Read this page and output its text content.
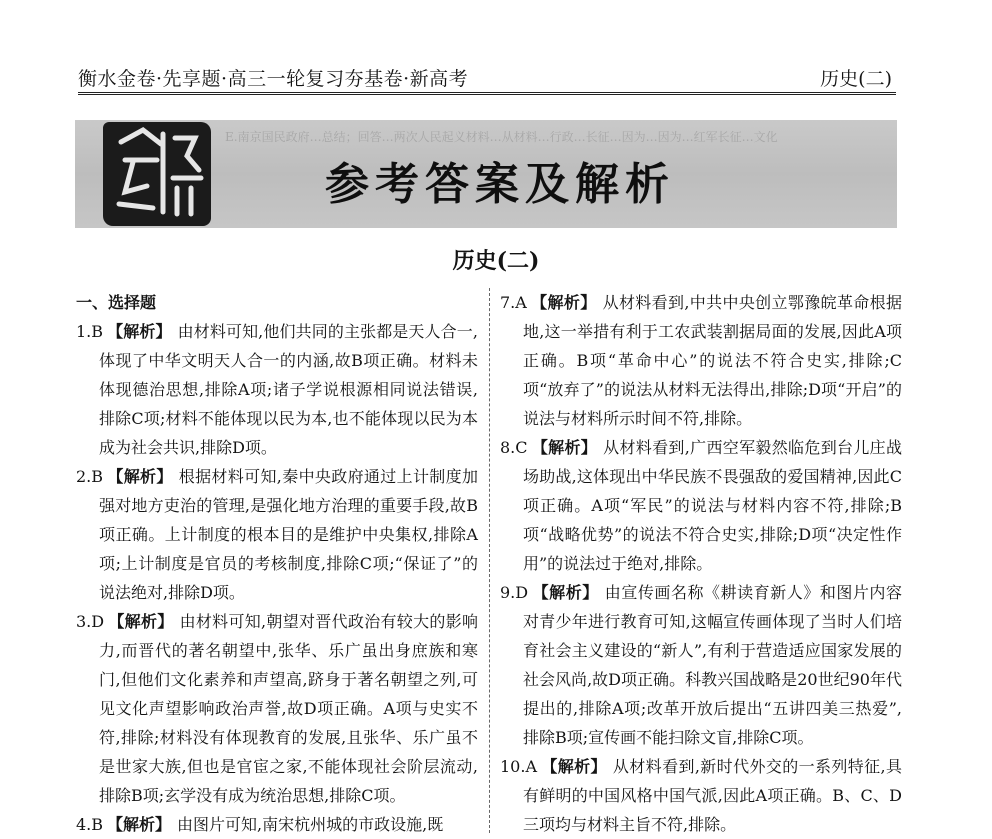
衡水金卷·先享题·高三一轮复习夯基卷·新高考	历史(二)
E.南京国民政府…总结；回答…两次人民起义材料…从材料…行政…长征…因为…因为…红军长征…文化
参考答案及解析
历史(二)
一、选择题

1.B 【解析】 由材料可知,他们共同的主张都是天人合一,体现了中华文明天人合一的内涵,故B项正确。材料未体现德治思想,排除A项;诸子学说根源相同说法错误,排除C项;材料不能体现以民为本,也不能体现以民为本成为社会共识,排除D项。

2.B 【解析】 根据材料可知,秦中央政府通过上计制度加强对地方吏治的管理,是强化地方治理的重要手段,故B项正确。上计制度的根本目的是维护中央集权,排除A项;上计制度是官员的考核制度,排除C项;“保证了”的说法绝对,排除D项。

3.D 【解析】 由材料可知,朝望对晋代政治有较大的影响力,而晋代的著名朝望中,张华、乐广虽出身庶族和寒门,但他们文化素养和声望高,跻身于著名朝望之列,可见文化声望影响政治声誉,故D项正确。A项与史实不符,排除;材料没有体现教育的发展,且张华、乐广虽不是世家大族,但也是官宦之家,不能体现社会阶层流动,排除B项;玄学没有成为统治思想,排除C项。

4.B 【解析】 由图片可知,南宋杭州城的市政设施,既

7.A 【解析】 从材料看到,中共中央创立鄂豫皖革命根据地,这一举措有利于工农武装割据局面的发展,因此A项正确。B项“革命中心”的说法不符合史实,排除;C项“放弃了”的说法从材料无法得出,排除;D项“开启”的说法与材料所示时间不符,排除。

8.C 【解析】 从材料看到,广西空军毅然临危到台儿庄战场助战,这体现出中华民族不畏强敌的爱国精神,因此C项正确。A项“军民”的说法与材料内容不符,排除;B项“战略优势”的说法不符合史实,排除;D项“决定性作用”的说法过于绝对,排除。

9.D 【解析】 由宣传画名称《耕读育新人》和图片内容对青少年进行教育可知,这幅宣传画体现了当时人们培育社会主义建设的“新人”,有利于营造适应国家发展的社会风尚,故D项正确。科教兴国战略是20世纪90年代提出的,排除A项;改革开放后提出“五讲四美三热爱”,排除B项;宣传画不能扫除文盲,排除C项。

10.A 【解析】 从材料看到,新时代外交的一系列特征,具有鲜明的中国风格中国气派,因此A项正确。B、C、D三项均与材料主旨不符,排除。
